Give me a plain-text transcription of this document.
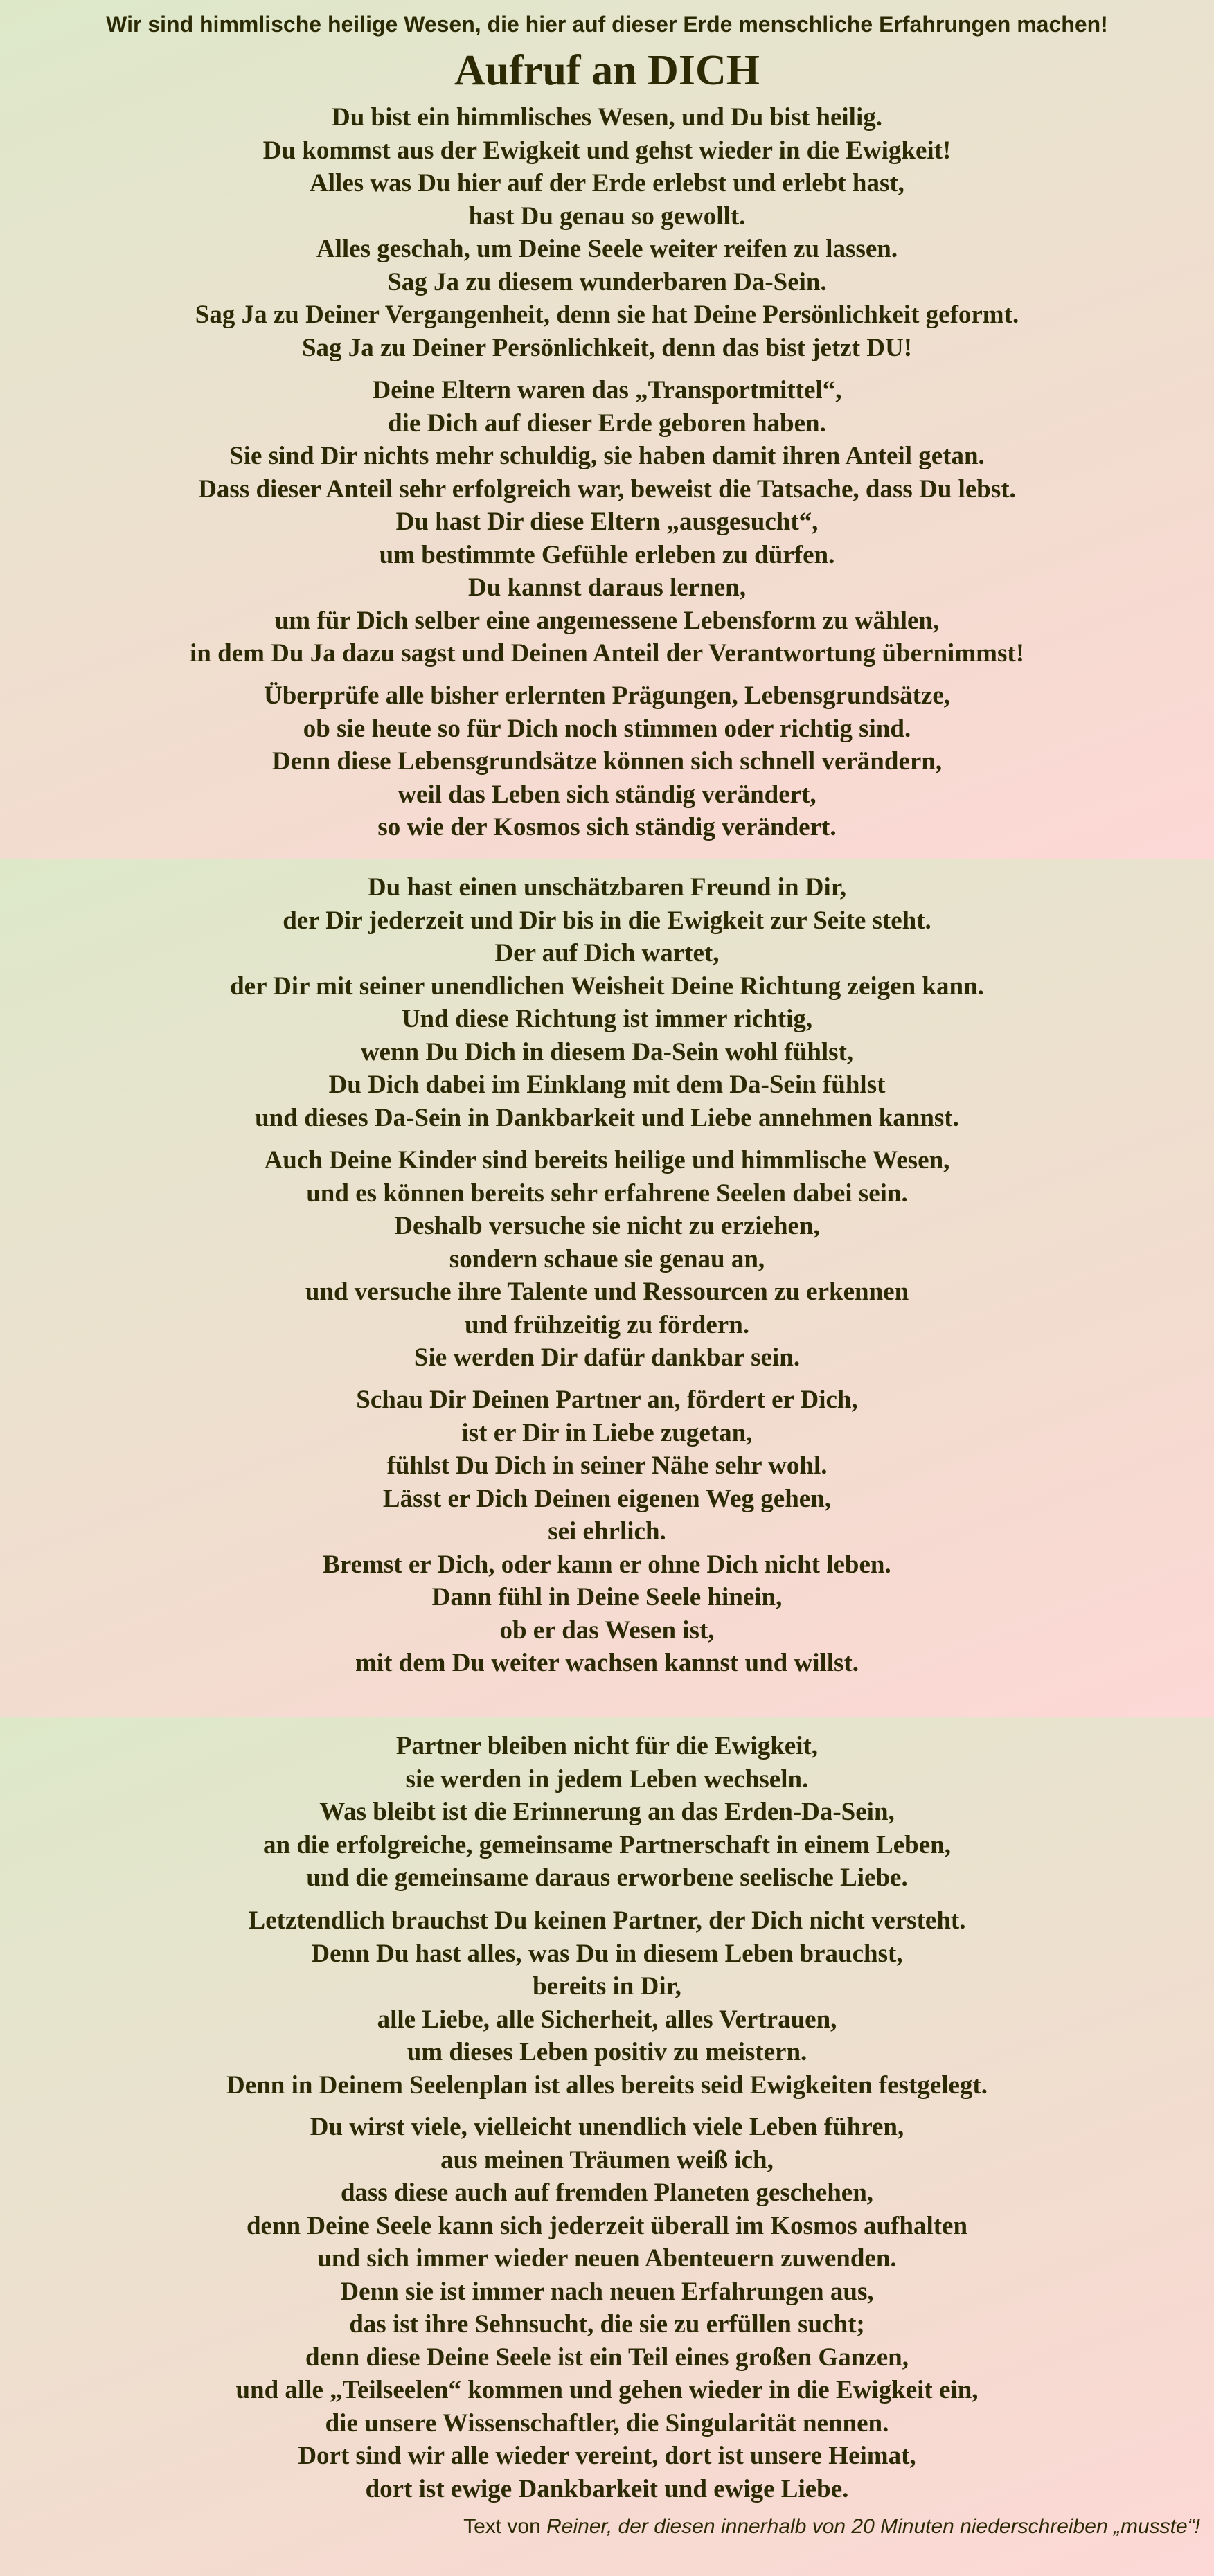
Wir sind himmlische heilige Wesen, die hier auf dieser Erde menschliche Erfahrungen machen!
Aufruf an DICH
Du bist ein himmlisches Wesen, und Du bist heilig.
Du kommst aus der Ewigkeit und gehst wieder in die Ewigkeit!
Alles was Du hier auf der Erde erlebst und erlebt hast,
hast Du genau so gewollt.
Alles geschah, um Deine Seele weiter reifen zu lassen.
Sag Ja zu diesem wunderbaren Da-Sein.
Sag Ja zu Deiner Vergangenheit, denn sie hat Deine Persönlichkeit geformt.
Sag Ja zu Deiner Persönlichkeit, denn das bist jetzt DU!
Deine Eltern waren das „Transportmittel“,
die Dich auf dieser Erde geboren haben.
Sie sind Dir nichts mehr schuldig, sie haben damit ihren Anteil getan.
Dass dieser Anteil sehr erfolgreich war, beweist die Tatsache, dass Du lebst.
Du hast Dir diese Eltern „ausgesucht“,
um bestimmte Gefühle erleben zu dürfen.
Du kannst daraus lernen,
um für Dich selber eine angemessene Lebensform zu wählen,
in dem Du Ja dazu sagst und Deinen Anteil der Verantwortung übernimmst!
Überprüfe alle bisher erlernten Prägungen, Lebensgrundsätze,
ob sie heute so für Dich noch stimmen oder richtig sind.
Denn diese Lebensgrundsätze können sich schnell verändern,
weil das Leben sich ständig verändert,
so wie der Kosmos sich ständig verändert.
Du hast einen unschätzbaren Freund in Dir,
der Dir jederzeit und Dir bis in die Ewigkeit zur Seite steht.
Der auf Dich wartet,
der Dir mit seiner unendlichen Weisheit Deine Richtung zeigen kann.
Und diese Richtung ist immer richtig,
wenn Du Dich in diesem Da-Sein wohl fühlst,
Du Dich dabei im Einklang mit dem Da-Sein fühlst
und dieses Da-Sein in Dankbarkeit und Liebe annehmen kannst.
Auch Deine Kinder sind bereits heilige und himmlische Wesen,
und es können bereits sehr erfahrene Seelen dabei sein.
Deshalb versuche sie nicht zu erziehen,
sondern schaue sie genau an,
und versuche ihre Talente und Ressourcen zu erkennen
und frühzeitig zu fördern.
Sie werden Dir dafür dankbar sein.
Schau Dir Deinen Partner an, fördert er Dich,
ist er Dir in Liebe zugetan,
fühlst Du Dich in seiner Nähe sehr wohl.
Lässt er Dich Deinen eigenen Weg gehen,
sei ehrlich.
Bremst er Dich, oder kann er ohne Dich nicht leben.
Dann fühl in Deine Seele hinein,
ob er das Wesen ist,
mit dem Du weiter wachsen kannst und willst.
Partner bleiben nicht für die Ewigkeit,
sie werden in jedem Leben wechseln.
Was bleibt ist die Erinnerung an das Erden-Da-Sein,
an die erfolgreiche, gemeinsame Partnerschaft in einem Leben,
und die gemeinsame daraus erworbene seelische Liebe.
Letztendlich brauchst Du keinen Partner, der Dich nicht versteht.
Denn Du hast alles, was Du in diesem Leben brauchst,
bereits in Dir,
alle Liebe, alle Sicherheit, alles Vertrauen,
um dieses Leben positiv zu meistern.
Denn in Deinem Seelenplan ist alles bereits seid Ewigkeiten festgelegt.
Du wirst viele, vielleicht unendlich viele Leben führen,
aus meinen Träumen weiß ich,
dass diese auch auf fremden Planeten geschehen,
denn Deine Seele kann sich jederzeit überall im Kosmos aufhalten
und sich immer wieder neuen Abenteuern zuwenden.
Denn sie ist immer nach neuen Erfahrungen aus,
das ist ihre Sehnsucht, die sie zu erfüllen sucht;
denn diese Deine Seele ist ein Teil eines großen Ganzen,
und alle „Teilseelen“ kommen und gehen wieder in die Ewigkeit ein,
die unsere Wissenschaftler, die Singularität nennen.
Dort sind wir alle wieder vereint, dort ist unsere Heimat,
dort ist ewige Dankbarkeit und ewige Liebe.
Text von Reiner, der diesen innerhalb von 20 Minuten niederschreiben „musste“!
